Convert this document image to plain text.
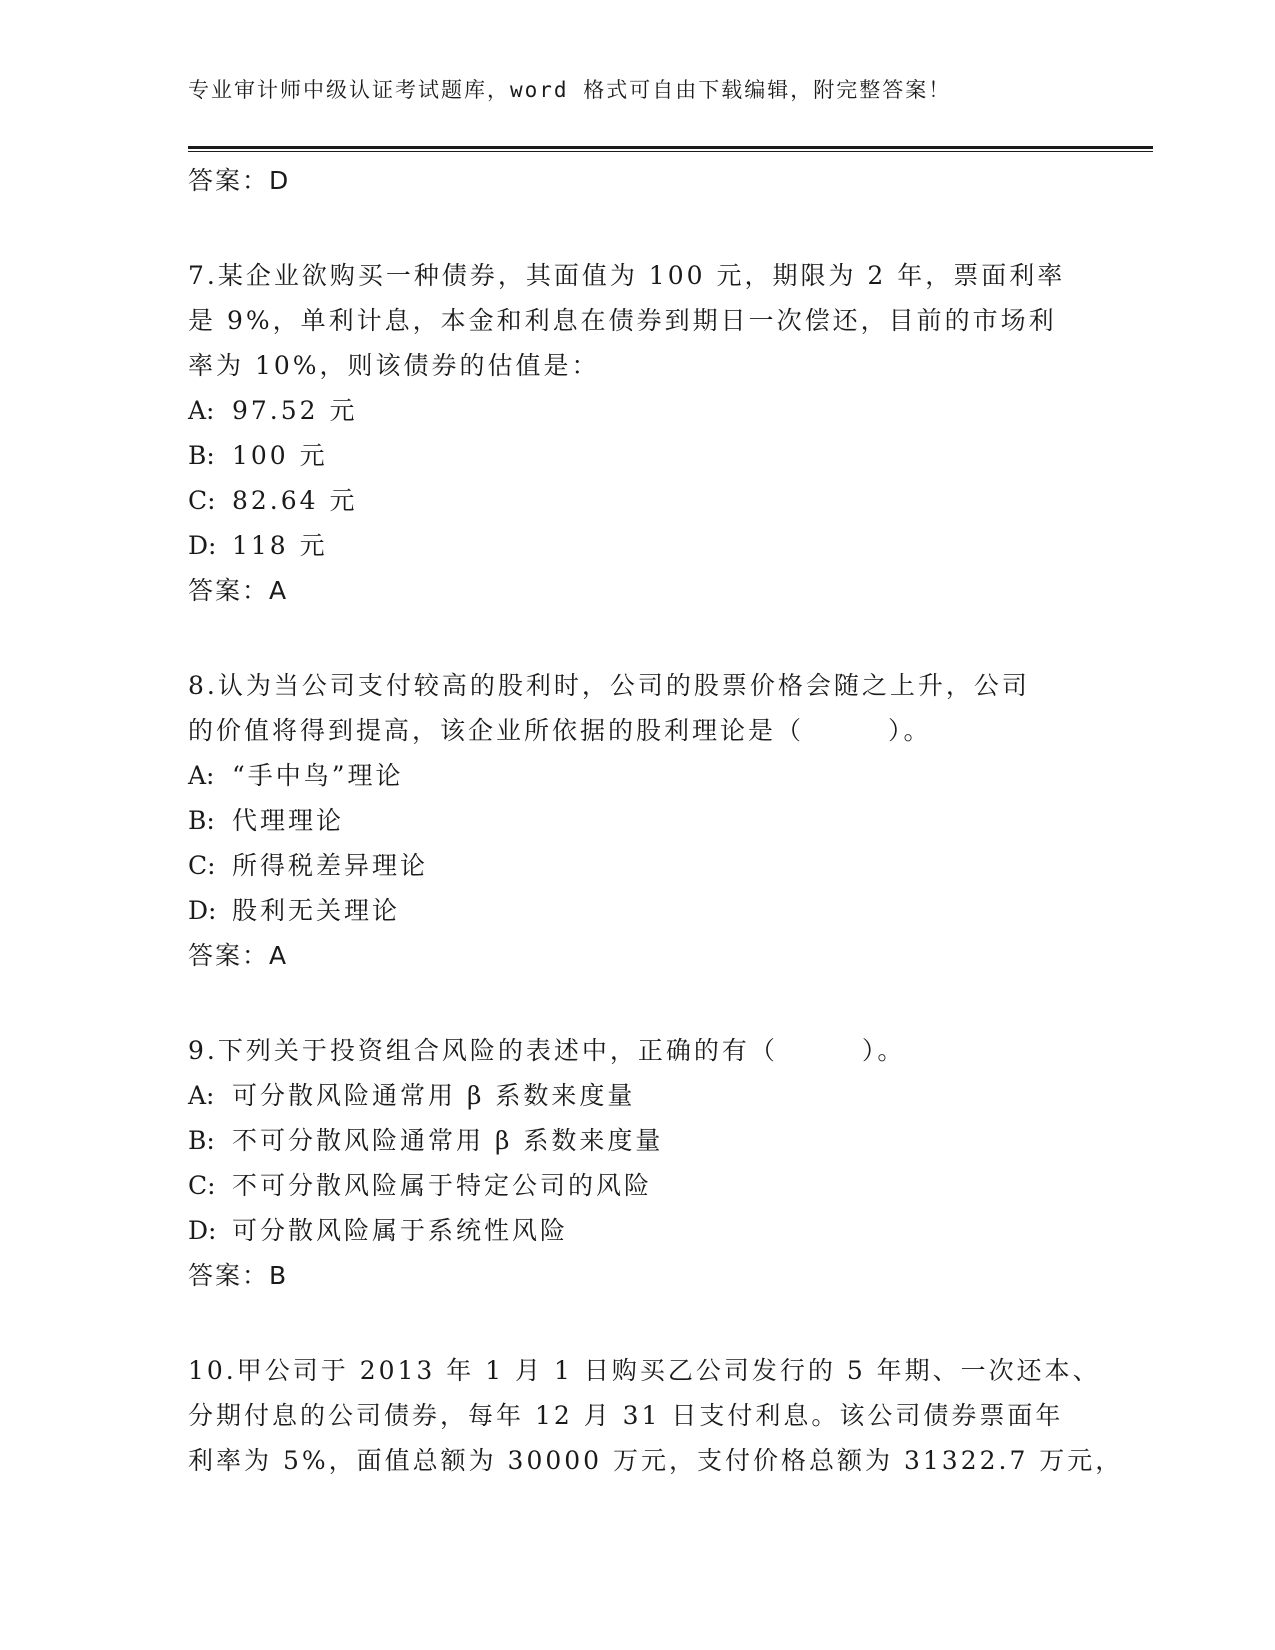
专业审计师中级认证考试题库，word 格式可自由下载编辑，附完整答案！
答案：D
7.某企业欲购买一种债券，其面值为 100 元，期限为 2 年，票面利率
是 9%，单利计息，本金和利息在债券到期日一次偿还，目前的市场利
率为 10%，则该债券的估值是：
A: 97.52 元
B: 100 元
C: 82.64 元
D: 118 元
答案：A
8.认为当公司支付较高的股利时，公司的股票价格会随之上升，公司
的价值将得到提高，该企业所依据的股利理论是（　　　）。
A: “手中鸟”理论
B: 代理理论
C: 所得税差异理论
D: 股利无关理论
答案：A
9.下列关于投资组合风险的表述中，正确的有（　　　）。
A: 可分散风险通常用 β 系数来度量
B: 不可分散风险通常用 β 系数来度量
C: 不可分散风险属于特定公司的风险
D: 可分散风险属于系统性风险
答案：B
10.甲公司于 2013 年 1 月 1 日购买乙公司发行的 5 年期、一次还本、
分期付息的公司债券，每年 12 月 31 日支付利息。该公司债券票面年
利率为 5%，面值总额为 30000 万元，支付价格总额为 31322.7 万元，
